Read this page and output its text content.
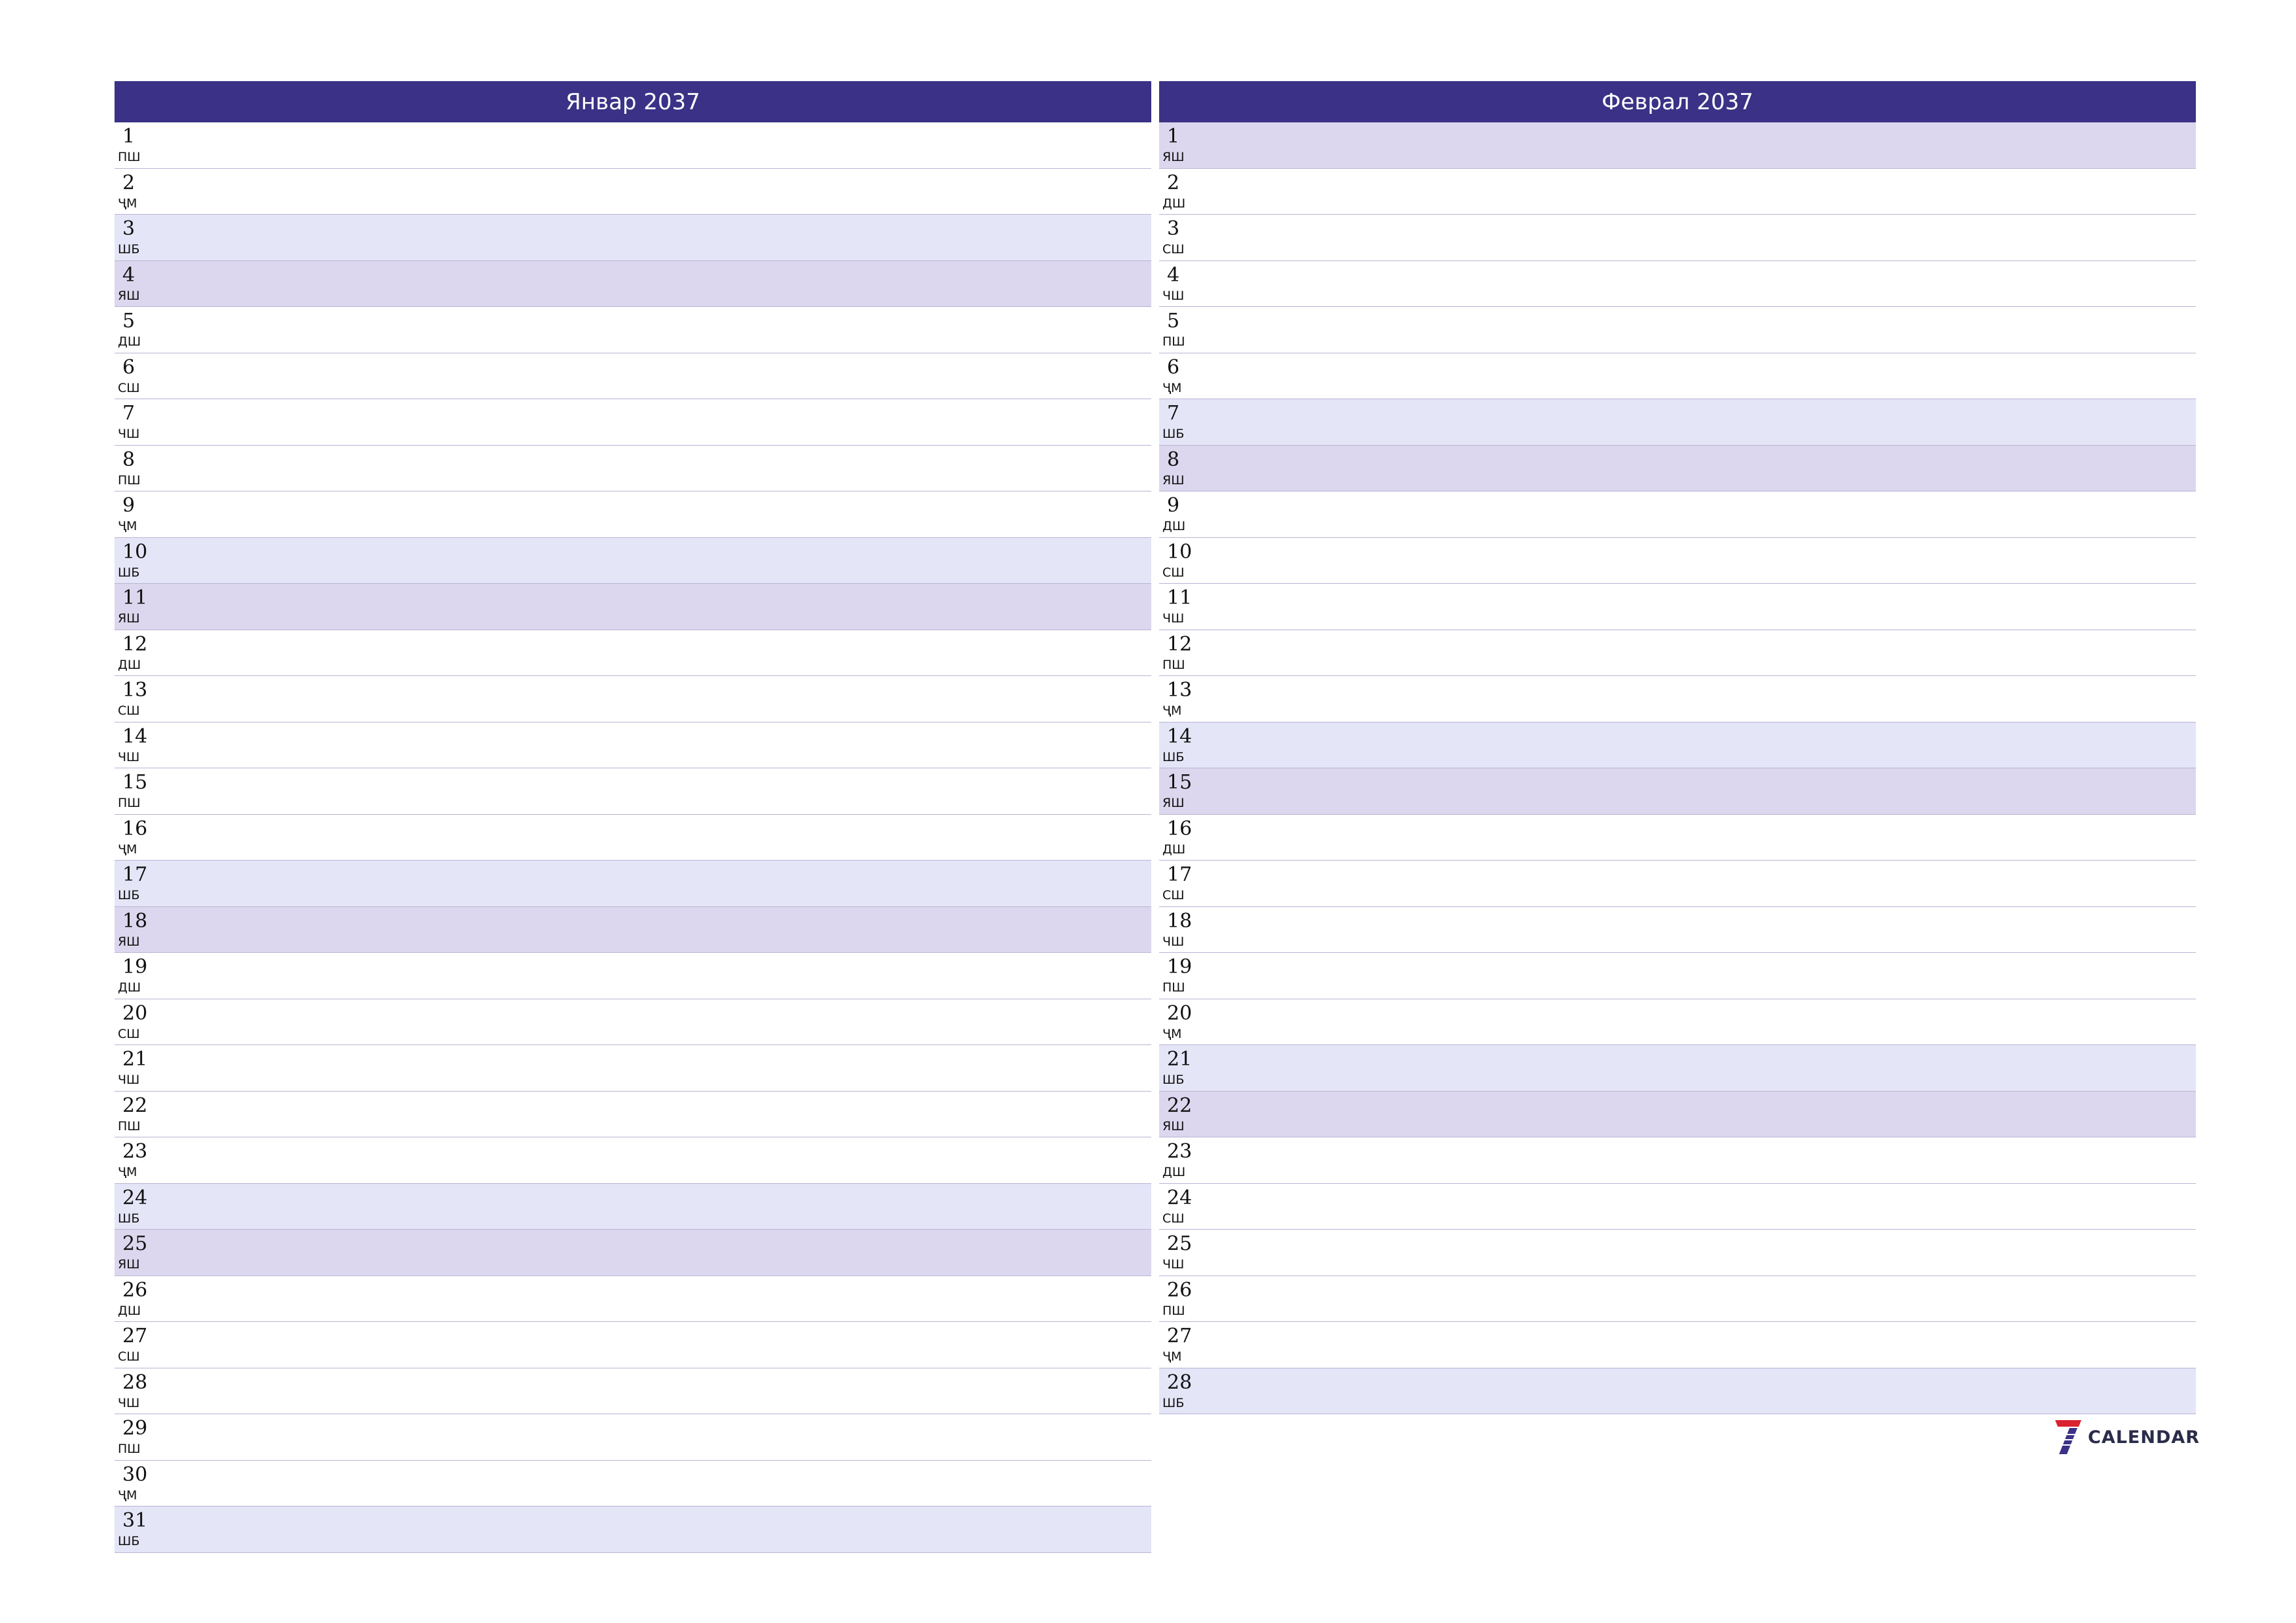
Январ 2037
1
ПШ
2
ҶМ
3
ШБ
4
ЯШ
5
ДШ
6
СШ
7
ЧШ
8
ПШ
9
ҶМ
10
ШБ
11
ЯШ
12
ДШ
13
СШ
14
ЧШ
15
ПШ
16
ҶМ
17
ШБ
18
ЯШ
19
ДШ
20
СШ
21
ЧШ
22
ПШ
23
ҶМ
24
ШБ
25
ЯШ
26
ДШ
27
СШ
28
ЧШ
29
ПШ
30
ҶМ
31
ШБ
Феврал 2037
1
ЯШ
2
ДШ
3
СШ
4
ЧШ
5
ПШ
6
ҶМ
7
ШБ
8
ЯШ
9
ДШ
10
СШ
11
ЧШ
12
ПШ
13
ҶМ
14
ШБ
15
ЯШ
16
ДШ
17
СШ
18
ЧШ
19
ПШ
20
ҶМ
21
ШБ
22
ЯШ
23
ДШ
24
СШ
25
ЧШ
26
ПШ
27
ҶМ
28
ШБ
CALENDAR
